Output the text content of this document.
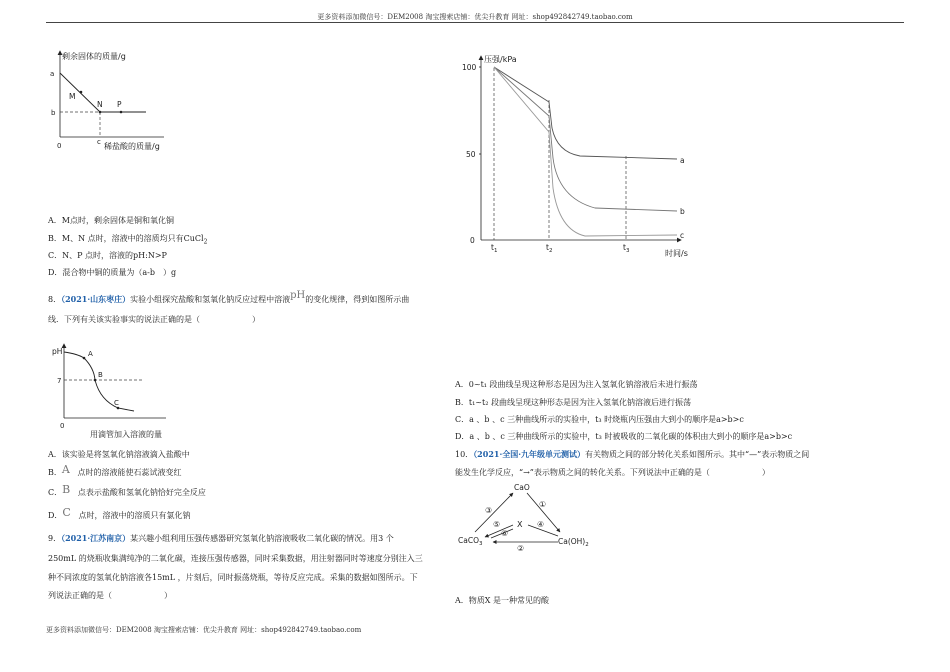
更多资料添加微信号：DEM2008 淘宝搜索店铺：优尖升教育 网址：shop492842749.taobao.com
剩余固体的质量/g
a
b
M
N P
0	c 稀盐酸的质量/g
A．M点时，剩余固体是铜和氧化铜
B．M、N 点时，溶液中的溶质均只有CuCl$_2$
C．N、P 点时，溶液的pH:N>P
D．混合物中铜的质量为（a-b　）g
8．（2021·山东枣庄）实验小组探究盐酸和氢氧化钠反应过程中溶液pH的变化规律，得到如图所示曲
线．下列有关该实验事实的说法正确的是（	）
pH
7
A
B
C
0
用滴管加入溶液的量
A．该实验是将氢氧化钠溶液滴入盐酸中
B．A 点时的溶液能使石蕊试液变红
C．B 点表示盐酸和氢氧化钠恰好完全反应
D．C 点时，溶液中的溶质只有氯化钠
9．（2021·江苏南京）某兴趣小组利用压强传感器研究氢氧化钠溶液吸收二氧化碳的情况。用3 个
250mL 的烧瓶收集满纯净的二氧化碳，连接压强传感器，同时采集数据，用注射器同时等速度分别注入三
种不同浓度的氢氧化钠溶液各15mL ，片刻后，同时振荡烧瓶，等待反应完成。采集的数据如图所示。下
列说法正确的是（	）
压强/kPa
100
50
0
a
b
c
$t_1$	$t_2$	$t_3$	时间/s
A．0~t₁ 段曲线呈现这种形态是因为注入氢氧化钠溶液后未进行振荡
B．t₁~t₂ 段曲线呈现这种形态是因为注入氢氧化钠溶液后进行振荡
C．a 、b 、c 三种曲线所示的实验中，t₃ 时烧瓶内压强由大到小的顺序是a>b>c
D．a 、b 、c 三种曲线所示的实验中，t₃ 时被吸收的二氧化碳的体积由大到小的顺序是a>b>c
10．（2021·全国·九年级单元测试）有关物质之间的部分转化关系如图所示。其中“—”表示物质之间
能发生化学反应，“→”表示物质之间的转化关系。下列说法中正确的是（	）
CaO
X
CaCO$_3$	$Ca(OH)_2$
①
③
⑤	④
⑥
②
A．物质X 是一种常见的酸
更多资料添加微信号：DEM2008 淘宝搜索店铺：优尖升教育 网址：shop492842749.taobao.com
